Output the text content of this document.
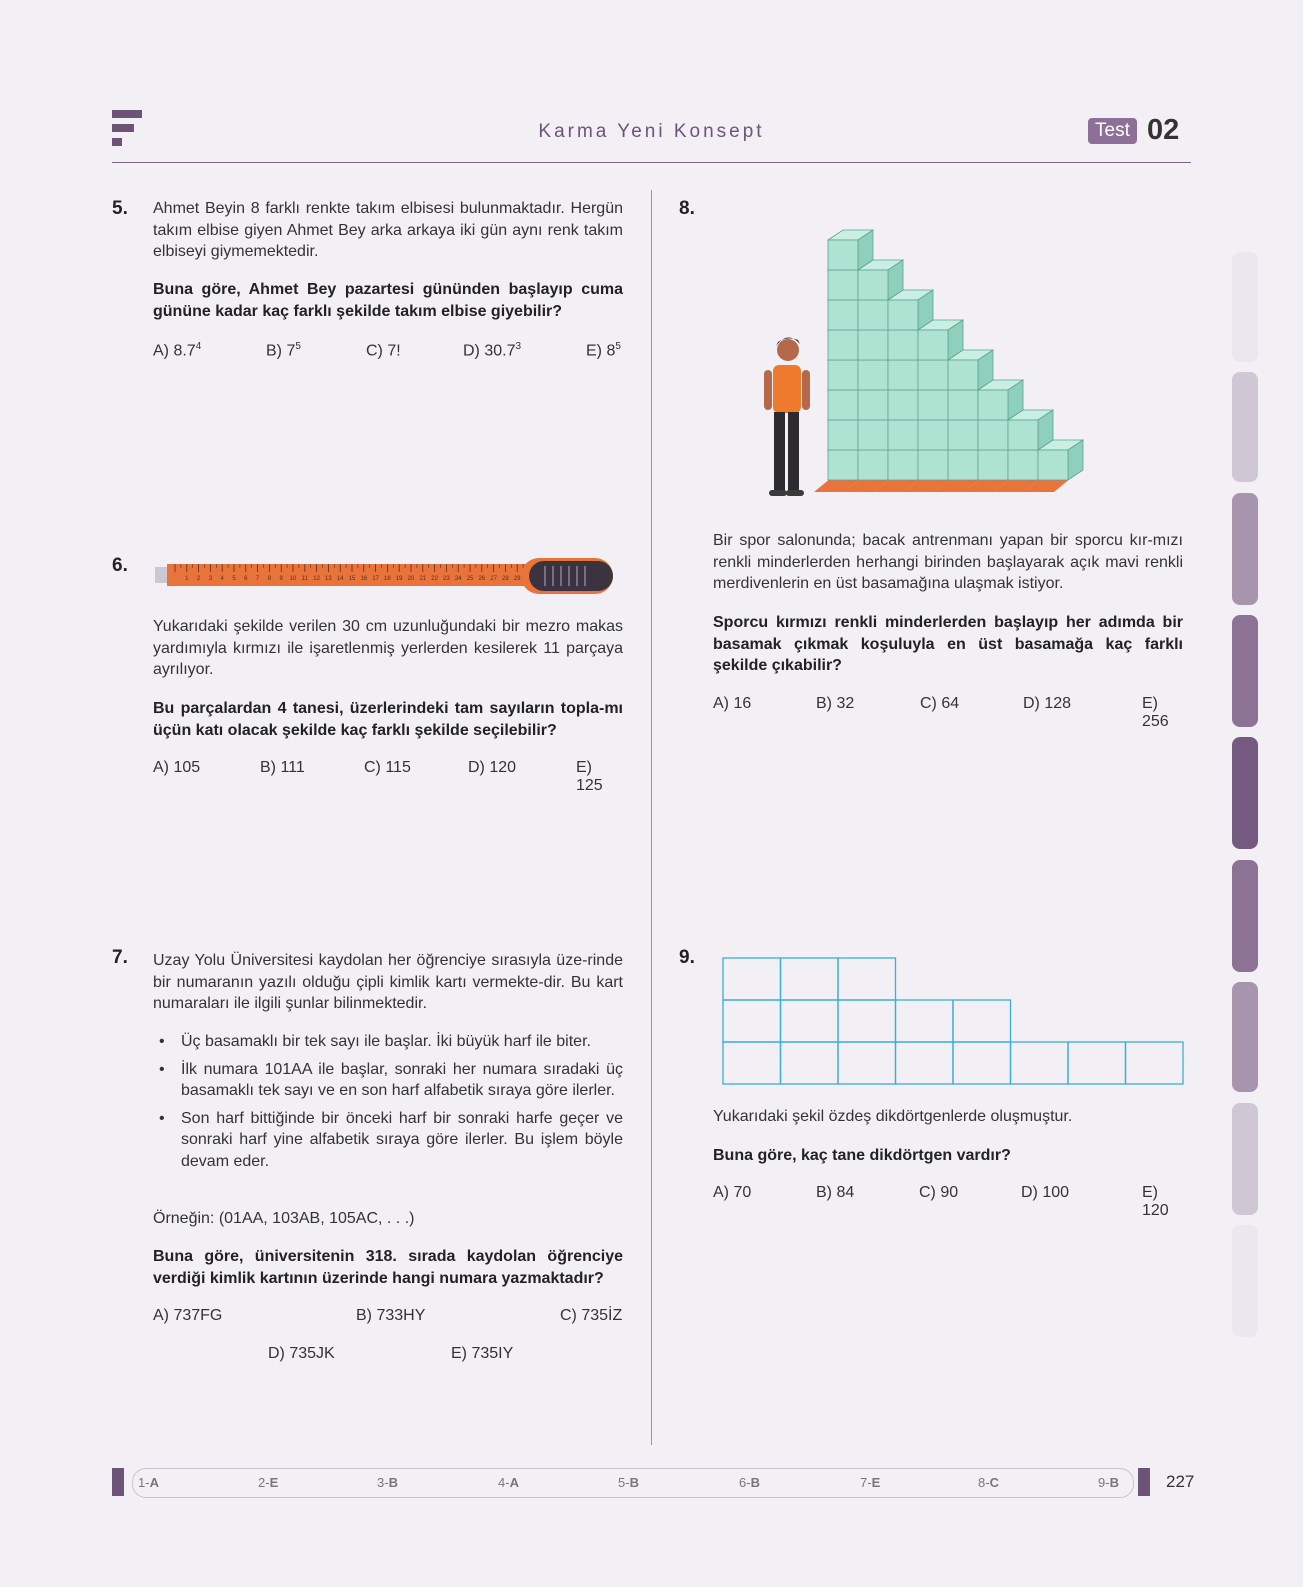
Karma Yeni Konsept	Test 02
5. Ahmet Beyin 8 farklı renkte takım elbisesi bulunmaktadır. Hergün takım elbise giyen Ahmet Bey arka arkaya iki gün aynı renk takım elbiseyi giymemektedir.
Buna göre, Ahmet Bey pazartesi gününden başlayıp cuma gününe kadar kaç farklı şekilde takım elbise giyebilir?
A) $8.7^4$	B) $7^5$	C) 7!	D) 30.7$^3$	E) $8^5$
6.
1 2 3 4 5 6 7 8 9 10 11 12 13 14 15 16 17 18 19 20 21 22 23 24 25 26 27 28 29
Yukarıdaki şekilde verilen 30 cm uzunluğundaki bir mezro makas yardımıyla kırmızı ile işaretlenmiş yerlerden kesilerek 11 parçaya ayrılıyor.
Bu parçalardan 4 tanesi, üzerlerindeki tam sayıların topla-mı üçün katı olacak şekilde kaç farklı şekilde seçilebilir?
A) 105	B) 111	C) 115	D) 120	E) 125
7. Uzay Yolu Üniversitesi kaydolan her öğrenciye sırasıyla üze-rinde bir numaranın yazılı olduğu çipli kimlik kartı vermekte-dir. Bu kart numaraları ile ilgili şunlar bilinmektedir.
• Üç basamaklı bir tek sayı ile başlar. İki büyük harf ile biter.
• İlk numara 101AA ile başlar, sonraki her numara sıradaki üç basamaklı tek sayı ve en son harf alfabetik sıraya göre ilerler.
• Son harf bittiğinde bir önceki harf bir sonraki harfe geçer ve sonraki harf yine alfabetik sıraya göre ilerler. Bu işlem böyle devam eder.
Örneğin: (01AA, 103AB, 105AC, . . .)
Buna göre, üniversitenin 318. sırada kaydolan öğrenciye verdiği kimlik kartının üzerinde hangi numara yazmaktadır?
A) 737FG	B) 733HY	C) 735İZ
D) 735JK	E) 735IY
8.
Bir spor salonunda; bacak antrenmanı yapan bir sporcu kır-mızı renkli minderlerden herhangi birinden başlayarak açık mavi renkli merdivenlerin en üst basamağına ulaşmak istiyor.
Sporcu kırmızı renkli minderlerden başlayıp her adımda bir basamak çıkmak koşuluyla en üst basamağa kaç farklı şekilde çıkabilir?
A) 16	B) 32	C) 64	D) 128	E) 256
9.
Yukarıdaki şekil özdeş dikdörtgenlerde oluşmuştur.
Buna göre, kaç tane dikdörtgen vardır?
A) 70	B) 84	C) 90	D) 100	E) 120
1-A	2-E	3-B	4-A	5-B	6-B	7-E	8-C	9-B	227
